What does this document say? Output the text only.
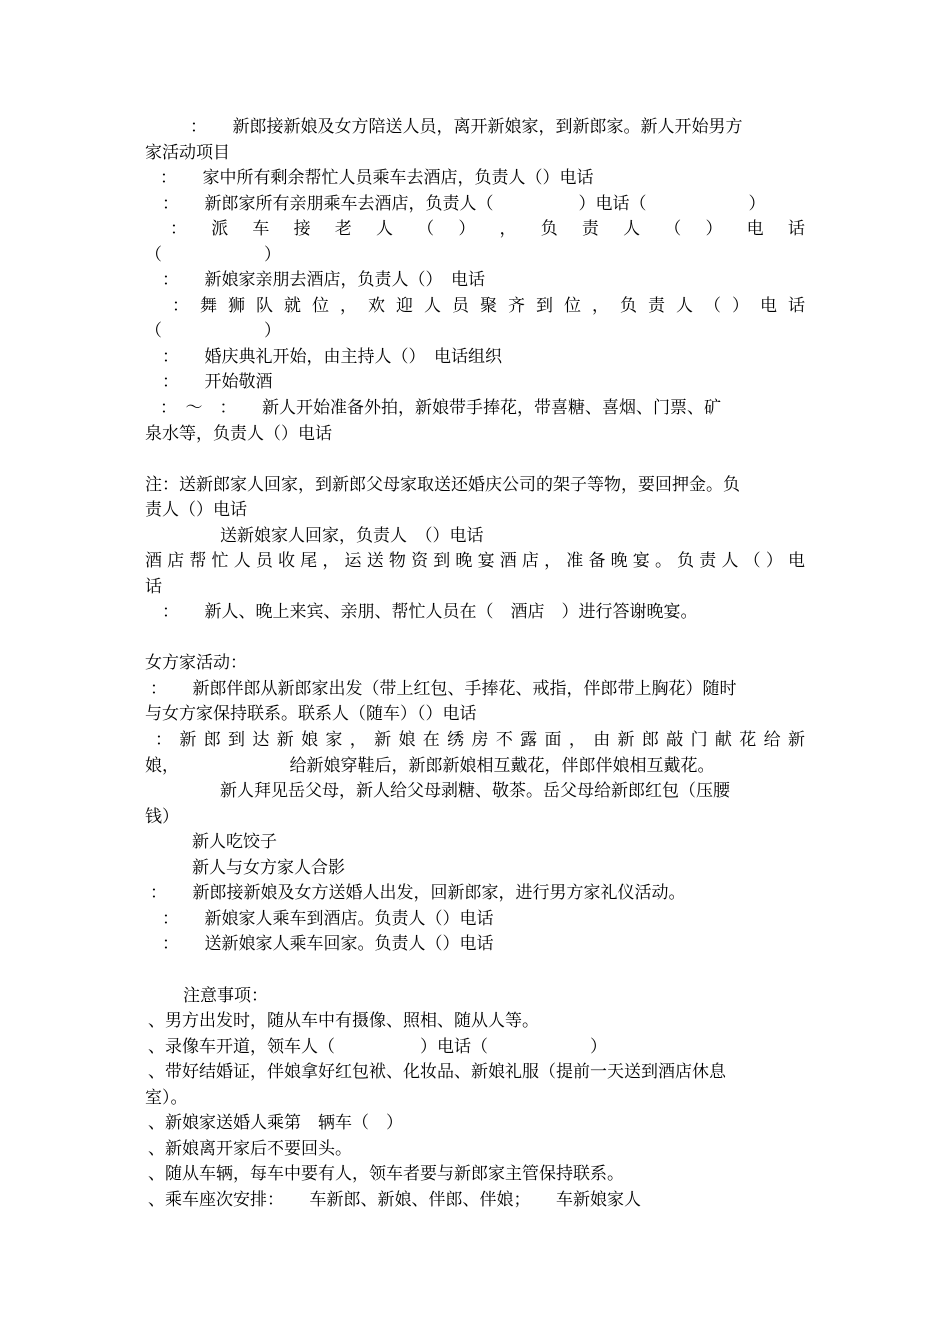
：　　新郎接新娘及女方陪送人员，离开新娘家，到新郎家。新人开始男方
家活动项目
：　　家中所有剩余帮忙人员乘车去酒店，负责人（）电话
：　　新郎家所有亲朋乘车去酒店，负责人（　　　　　）电话（　　　　　　）
： 派 车 接 老 人 （ ） ， 负 责 人 （ ） 电 话
（　　　　　　）
：　　新娘家亲朋去酒店，负责人（）　电话
： 舞 狮 队 就 位 ， 欢 迎 人 员 聚 齐 到 位 ， 负 责 人 （ ） 电 话
（　　　　　　）
：　　婚庆典礼开始，由主持人（）　电话组织
：　　开始敬酒
：　～　：　　新人开始准备外拍，新娘带手捧花，带喜糖、喜烟、门票、矿
泉水等，负责人（）电话
注：送新郎家人回家，到新郎父母家取送还婚庆公司的架子等物，要回押金。负
责人（）电话
送新娘家人回家，负责人　（）电话
酒 店 帮 忙 人 员 收 尾 ， 运 送 物 资 到 晚 宴 酒 店 ， 准 备 晚 宴 。 负 责 人 （ ） 电
话
：　　新人、晚上来宾、亲朋、帮忙人员在（　酒店　）进行答谢晚宴。
女方家活动：
：　　新郎伴郎从新郎家出发（带上红包、手捧花、戒指，伴郎带上胸花）随时
与女方家保持联系。联系人（随车）（）电话
： 新 郎 到 达 新 娘 家 ， 新 娘 在 绣 房 不 露 面 ， 由 新 郎 敲 门 献 花 给 新
娘，　　　　　　　给新娘穿鞋后，新郎新娘相互戴花，伴郎伴娘相互戴花。
新人拜见岳父母，新人给父母剥糖、敬茶。岳父母给新郎红包（压腰
钱）
新人吃饺子
新人与女方家人合影
：　　新郎接新娘及女方送婚人出发，回新郎家，进行男方家礼仪活动。
：　　新娘家人乘车到酒店。负责人（）电话
：　　送新娘家人乘车回家。负责人（）电话
注意事项：
、男方出发时，随从车中有摄像、照相、随从人等。
、录像车开道，领车人（　　　　　）电话（　　　　　　）
、带好结婚证，伴娘拿好红包袱、化妆品、新娘礼服（提前一天送到酒店休息
室）。
、新娘家送婚人乘第　辆车（　）
、新娘离开家后不要回头。
、随从车辆，每车中要有人，领车者要与新郎家主管保持联系。
、乘车座次安排：　　车新郎、新娘、伴郎、伴娘；　　车新娘家人
